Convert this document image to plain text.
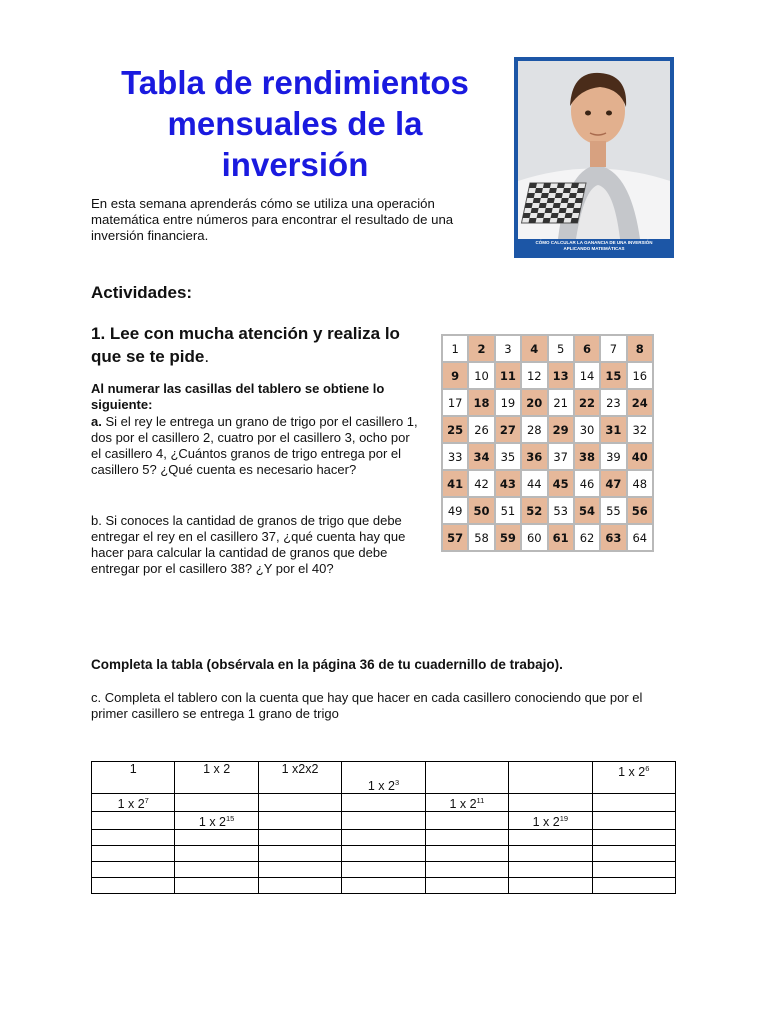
Tabla de rendimientos mensuales de la inversión
CÓMO CALCULAR LA GANANCIA DE UNA INVERSIÓN
APLICANDO MATEMÁTICAS
En esta semana aprenderás cómo se utiliza una operación matemática entre números para encontrar el resultado de una inversión financiera.
Actividades:
1. Lee con mucha atención y realiza lo que se te pide.
Al numerar las casillas del tablero se obtiene lo siguiente:
a. Si el rey le entrega un grano de trigo por el casillero 1, dos por el casillero 2, cuatro por el casillero 3, ocho por el casillero 4, ¿Cuántos granos de trigo entrega por el casillero 5? ¿Qué cuenta es necesario hacer?
b. Si conoces la cantidad de granos de trigo que debe entregar el rey en el casillero 37, ¿qué cuenta hay que hacer para calcular la cantidad de granos que debe entregar por el casillero 38? ¿Y por el 40?
1	2	3	4	5	6	7	8
9	10 11 12 13 14 15 16
17 18 19 20 21 22 23 24
25 26 27 28 29 30 31 32
33 34 35 36 37 38 39 40
41 42 43 44 45 46 47 48
49 50 51 52 53 54 55 56
57 58 59 60 61 62 63 64
Completa la tabla (obsérvala en la página 36 de tu cuadernillo de trabajo).
c. Completa el tablero con la cuenta que hay que hacer en cada casillero conociendo que por el primer casillero se entrega 1 grano de trigo
1	1 x 2	1 x2x2	1 x $2^3$			1 x $2^6$
1 x $2^7$				1 x $2^{11}$		
	1 x $2^{15}$				1 x $2^{19}$	
